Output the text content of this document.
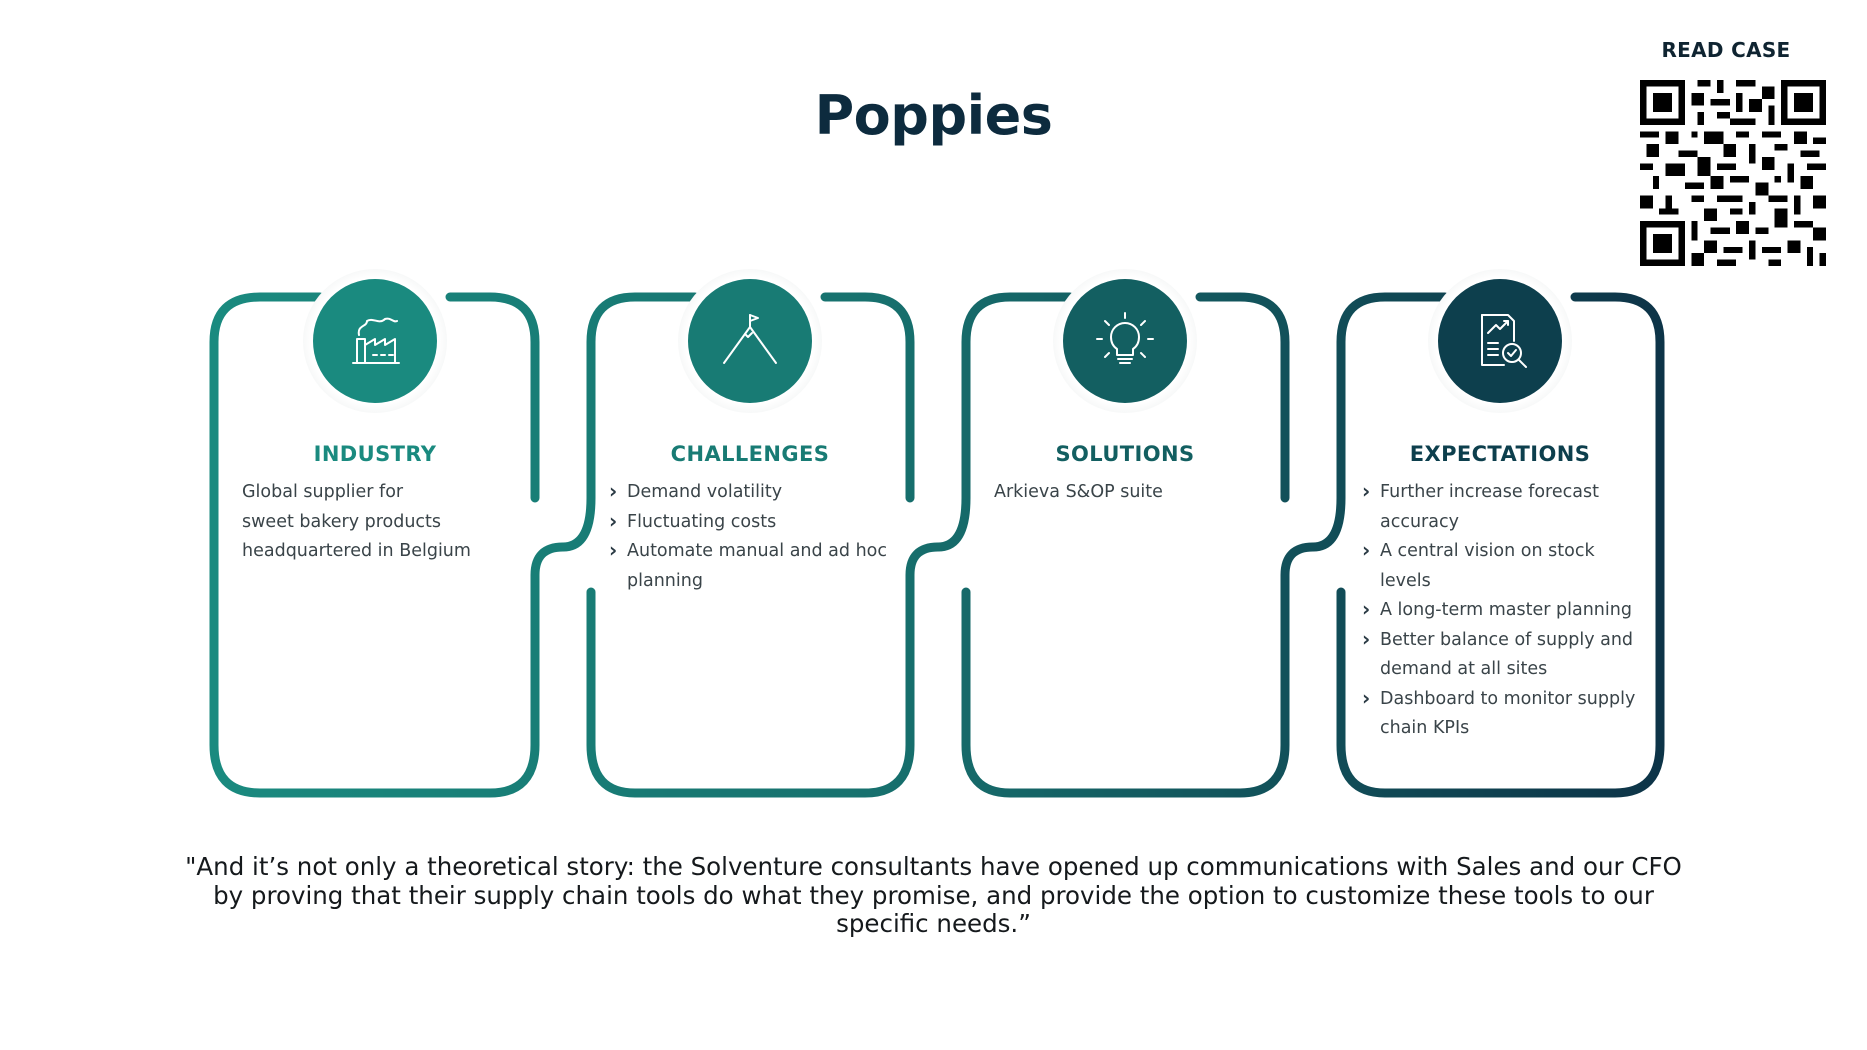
Poppies
READ CASE
INDUSTRY
Global supplier for
sweet bakery products
headquartered in Belgium
CHALLENGES
› Demand volatility
› Fluctuating costs
› Automate manual and ad hoc planning
SOLUTIONS
Arkieva S&OP suite
EXPECTATIONS
› Further increase forecast accuracy
› A central vision on stock levels
› A long-term master planning
› Better balance of supply and demand at all sites
› Dashboard to monitor supply chain KPIs
"And it’s not only a theoretical story: the Solventure consultants have opened up communications with Sales and our CFO by proving that their supply chain tools do what they promise, and provide the option to customize these tools to our specific needs.”
